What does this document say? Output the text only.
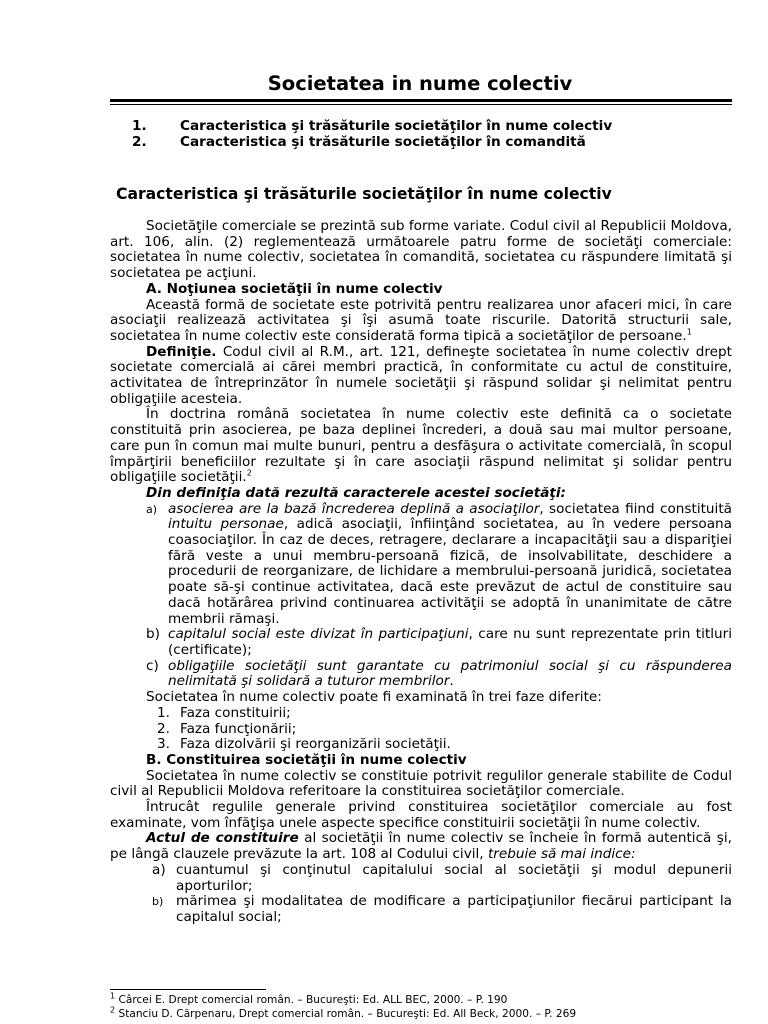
Societatea in nume colectiv
1.	Caracteristica şi trăsăturile societăţilor în nume colectiv
2.	Caracteristica şi trăsăturile societăţilor în comandită
Caracteristica şi trăsăturile societăţilor în nume colectiv

Societăţile comerciale se prezintă sub forme variate. Codul civil al Republicii Moldova, art. 106, alin. (2) reglementează următoarele patru forme de societăţi comerciale: societatea în nume colectiv, societatea în comandită, societatea cu răspundere limitată şi societatea pe acţiuni.

A. Noţiunea societăţii în nume colectiv

Această formă de societate este potrivită pentru realizarea unor afaceri mici, în care asociaţii realizează activitatea şi îşi asumă toate riscurile. Datorită structurii sale, societatea în nume colectiv este considerată forma tipică a societăţilor de persoane.$^1$

Definiţie. Codul civil al R.M., art. 121, defineşte societatea în nume colectiv drept societate comercială ai cărei membri practică, în conformitate cu actul de constituire, activitatea de întreprinzător în numele societăţii şi răspund solidar şi nelimitat pentru obligaţiile acesteia.

În doctrina română societatea în nume colectiv este definită ca o societate constituită prin asocierea, pe baza deplinei încrederi, a două sau mai multor persoane, care pun în comun mai multe bunuri, pentru a desfăşura o activitate comercială, în scopul împărţirii beneficiilor rezultate şi în care asociaţii răspund nelimitat şi solidar pentru obligaţiile societăţii.$^2$

Din definiţia dată rezultă caracterele acestei societăţi:

a) asocierea are la bază încrederea deplină a asociaţilor, societatea fiind constituită intuitu personae, adică asociaţii, înfiinţând societatea, au în vedere persoana coasociaţilor. În caz de deces, retragere, declarare a incapacităţii sau a dispariţiei fără veste a unui membru-persoană fizică, de insolvabilitate, deschidere a procedurii de reorganizare, de lichidare a membrului-persoană juridică, societatea poate să-şi continue activitatea, dacă este prevăzut de actul de constituire sau dacă hotărârea privind continuarea activităţii se adoptă în unanimitate de către membrii rămaşi.
b) capitalul social este divizat în participaţiuni, care nu sunt reprezentate prin titluri (certificate);
c) obligaţiile societăţii sunt garantate cu patrimoniul social şi cu răspunderea nelimitată şi solidară a tuturor membrilor.

Societatea în nume colectiv poate fi examinată în trei faze diferite:

1. Faza constituirii;
2. Faza funcţionării;
3. Faza dizolvării şi reorganizării societăţii.

B. Constituirea societăţii în nume colectiv

Societatea în nume colectiv se constituie potrivit regulilor generale stabilite de Codul civil al Republicii Moldova referitoare la constituirea societăţilor comerciale.

Întrucât regulile generale privind constituirea societăţilor comerciale au fost examinate, vom înfăţişa unele aspecte specifice constituirii societăţii în nume colectiv.

Actul de constituire al societăţii în nume colectiv se încheie în formă autentică şi, pe lângă clauzele prevăzute la art. 108 al Codului civil, trebuie să mai indice:

a) cuantumul şi conţinutul capitalului social al societăţii şi modul depunerii aporturilor;
b) mărimea şi modalitatea de modificare a participaţiunilor fiecărui participant la capitalul social;
$^1$ Cârcei E. Drept comercial român. – Bucureşti: Ed. ALL BEC, 2000. – P. 190
$^2$ Stanciu D. Cărpenaru, Drept comercial român. – Bucureşti: Ed. All Beck, 2000. – P. 269
